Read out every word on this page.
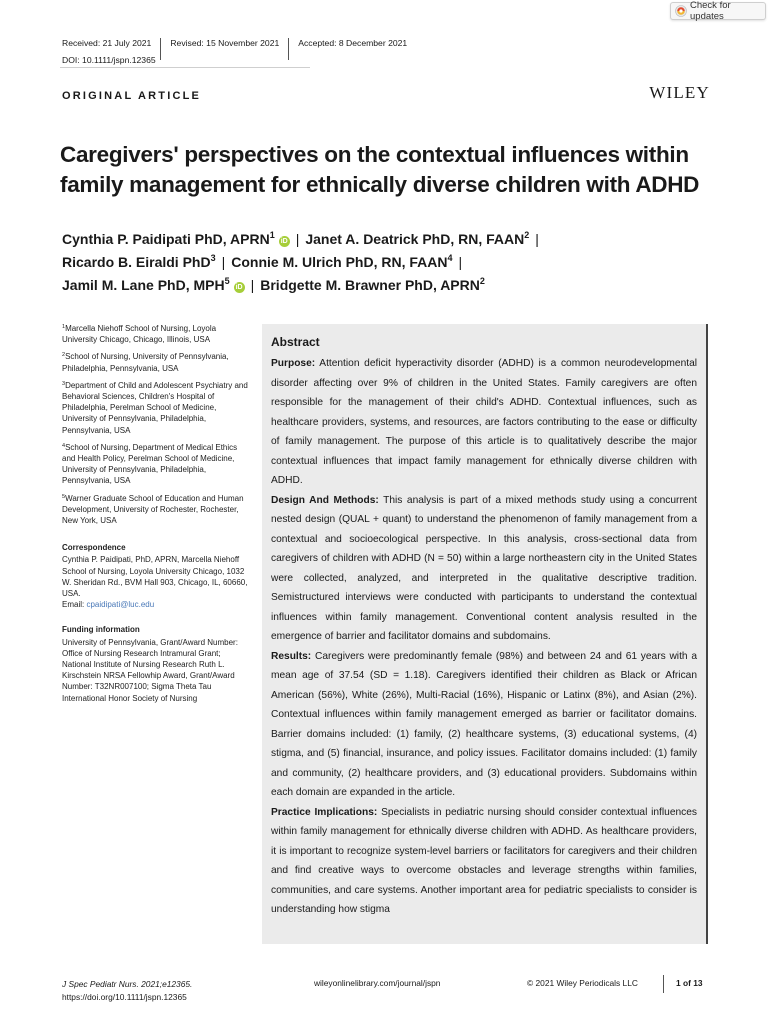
Check for updates
Received: 21 July 2021	Revised: 15 November 2021	Accepted: 8 December 2021
DOI: 10.1111/jspn.12365
ORIGINAL ARTICLE	WILEY
Caregivers' perspectives on the contextual influences within family management for ethnically diverse children with ADHD
Cynthia P. Paidipati PhD, APRN$^1$iD | Janet A. Deatrick PhD, RN, FAAN$^2$ |
Ricardo B. Eiraldi PhD$^3$ | Connie M. Ulrich PhD, RN, FAAN$^4$ |
Jamil M. Lane PhD, MPH$^5$iD | Bridgette M. Brawner PhD, APRN$^2$
$^1$Marcella Niehoff School of Nursing, Loyola University Chicago, Chicago, Illinois, USA
$^2$School of Nursing, University of Pennsylvania, Philadelphia, Pennsylvania, USA
$^3$Department of Child and Adolescent Psychiatry and Behavioral Sciences, Children's Hospital of Philadelphia, Perelman School of Medicine, University of Pennsylvania, Philadelphia, Pennsylvania, USA
$^4$School of Nursing, Department of Medical Ethics and Health Policy, Perelman School of Medicine, University of Pennsylvania, Philadelphia, Pennsylvania, USA
$^5$Warner Graduate School of Education and Human Development, University of Rochester, Rochester, New York, USA
Correspondence
Cynthia P. Paidipati, PhD, APRN, Marcella Niehoff School of Nursing, Loyola University Chicago, 1032 W. Sheridan Rd., BVM Hall 903, Chicago, IL, 60660, USA.
Email: cpaidipati@luc.edu
Funding information
University of Pennsylvania, Grant/Award Number: Office of Nursing Research Intramural Grant; National Institute of Nursing Research Ruth L. Kirschstein NRSA Fellowhip Award, Grant/Award Number: T32NR007100; Sigma Theta Tau International Honor Society of Nursing
Abstract

Purpose: Attention deficit hyperactivity disorder (ADHD) is a common neurodevelopmental disorder affecting over 9% of children in the United States. Family caregivers are often responsible for the management of their child's ADHD. Contextual influences, such as healthcare providers, systems, and resources, are factors contributing to the ease or difficulty of family management. The purpose of this article is to qualitatively describe the major contextual influences that impact family management for ethnically diverse children with ADHD.
Design And Methods: This analysis is part of a mixed methods study using a concurrent nested design (QUAL + quant) to understand the phenomenon of family management from a contextual and socioecological perspective. In this analysis, cross-sectional data from caregivers of children with ADHD (N = 50) within a large northeastern city in the United States were collected, analyzed, and interpreted in the qualitative descriptive tradition. Semistructured interviews were conducted with participants to understand the contextual influences within family management. Conventional content analysis resulted in the emergence of barrier and facilitator domains and subdomains.
Results: Caregivers were predominantly female (98%) and between 24 and 61 years with a mean age of 37.54 (SD = 1.18). Caregivers identified their children as Black or African American (56%), White (26%), Multi-Racial (16%), Hispanic or Latinx (8%), and Asian (2%). Contextual influences within family management emerged as barrier or facilitator domains. Barrier domains included: (1) family, (2) healthcare systems, (3) educational systems, (4) stigma, and (5) financial, insurance, and policy issues. Facilitator domains included: (1) family and community, (2) healthcare providers, and (3) educational providers. Subdomains within each domain are expanded in the article.
Practice Implications: Specialists in pediatric nursing should consider contextual influences within family management for ethnically diverse children with ADHD. As healthcare providers, it is important to recognize system-level barriers or facilitators for caregivers and their children and find creative ways to overcome obstacles and leverage strengths within families, communities, and care systems. Another important area for pediatric specialists to consider is understanding how stigma

J Spec Pediatr Nurs. 2021;e12365.
https://doi.org/10.1111/jspn.12365
wileyonlinelibrary.com/journal/jspn	© 2021 Wiley Periodicals LLC	1 of 13
